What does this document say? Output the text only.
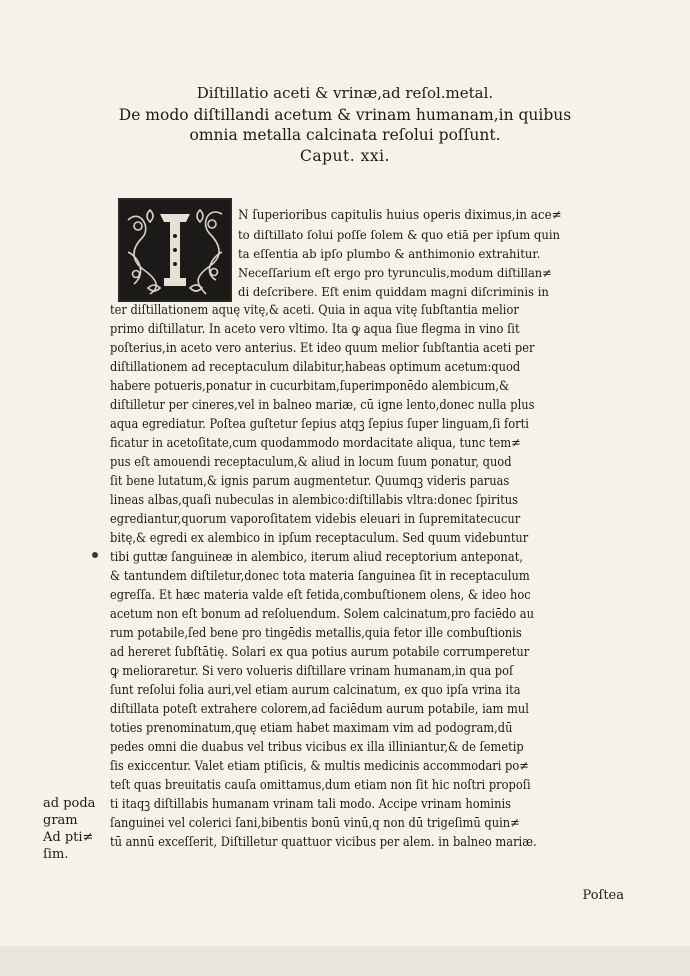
Diſtillatio aceti & vrinæ,ad reſol.metal.
De modo diſtillandi acetum & vrinam humanam,in quibus
omnia metalla calcinata reſolui poſſunt.
Caput. xxi.
N ſuperioribus capitulis huius operis diximus,in ace≠
to diſtillato ſolui poſſe ſolem & quo etiā per ipſum quin
ta eſſentia ab ipſo plumbo & anthimonio extrahitur.
Neceſſarium eſt ergo pro tyrunculis,modum diſtillan≠
di deſcribere. Eſt enim quiddam magni diſcriminis in
ter diſtillationem aquę vitę,& aceti. Quia in aqua vitę ſubſtantia melior
primo diſtillatur. In aceto vero vltimo. Ita ꝙ aqua ſiue flegma in vino ſit
poſterius,in aceto vero anterius. Et ideo quum melior ſubſtantia aceti per
diſtillationem ad receptaculum dilabitur,habeas optimum acetum:quod
habere potueris,ponatur in cucurbitam,ſuperimponēdo alembicum,&
diſtilletur per cineres,vel in balneo mariæ, cū igne lento,donec nulla plus
aqua egrediatur. Poſtea guſtetur ſepius atqꝫ ſepius ſuper linguam,ſi forti
ficatur in acetoſitate,cum quodammodo mordacitate aliqua, tunc tem≠
pus eſt amouendi receptaculum,& aliud in locum ſuum ponatur, quod
ſit bene lutatum,& ignis parum augmentetur. Quumqꝫ videris paruas
lineas albas,quaſi nubeculas in alembico:diſtillabis vltra:donec ſpiritus
egrediantur,quorum vaporoſitatem videbis eleuari in ſupremitatecucur
bitę,& egredi ex alembico in ipſum receptaculum. Sed quum videbuntur
tibi guttæ ſanguineæ in alembico, iterum aliud receptorium anteponat,
& tantundem diſtiletur,donec tota materia ſanguinea ſit in receptaculum
egreſſa. Et hæc materia valde eſt fetida,combuſtionem olens, & ideo hoc
acetum non eſt bonum ad reſoluendum. Solem calcinatum,pro faciēdo au
rum potabile,ſed bene pro tingēdis metallis,quia fetor ille combuſtionis
ad hereret ſubſtātię. Solari ex qua potius aurum potabile corrumperetur
ꝙ melioraretur. Si vero volueris diſtillare vrinam humanam,in qua poſ
ſunt reſolui folia auri,vel etiam aurum calcinatum, ex quo ipſa vrina ita
diſtillata poteſt extrahere colorem,ad faciēdum aurum potabile, iam mul
toties prenominatum,quę etiam habet maximam vim ad podogram,dū
pedes omni die duabus vel tribus vicibus ex illa illiniantur,& de ſemetip
ſis exiccentur. Valet etiam ptiſicis, & multis medicinis accommodari po≠
teſt quas breuitatis cauſa omittamus,dum etiam non ſit hic noſtri propoſi
ti itaqꝫ diſtillabis humanam vrinam tali modo. Accipe vrinam hominis
ſanguinei vel colerici ſani,bibentis bonū vinū,q non dū trigeſimū quin≠
tū annū exceſſerit, Diſtilletur quattuor vicibus per alem. in balneo mariæ.
ad poda
gram
Ad pti≠
ſim.
Poſtea
